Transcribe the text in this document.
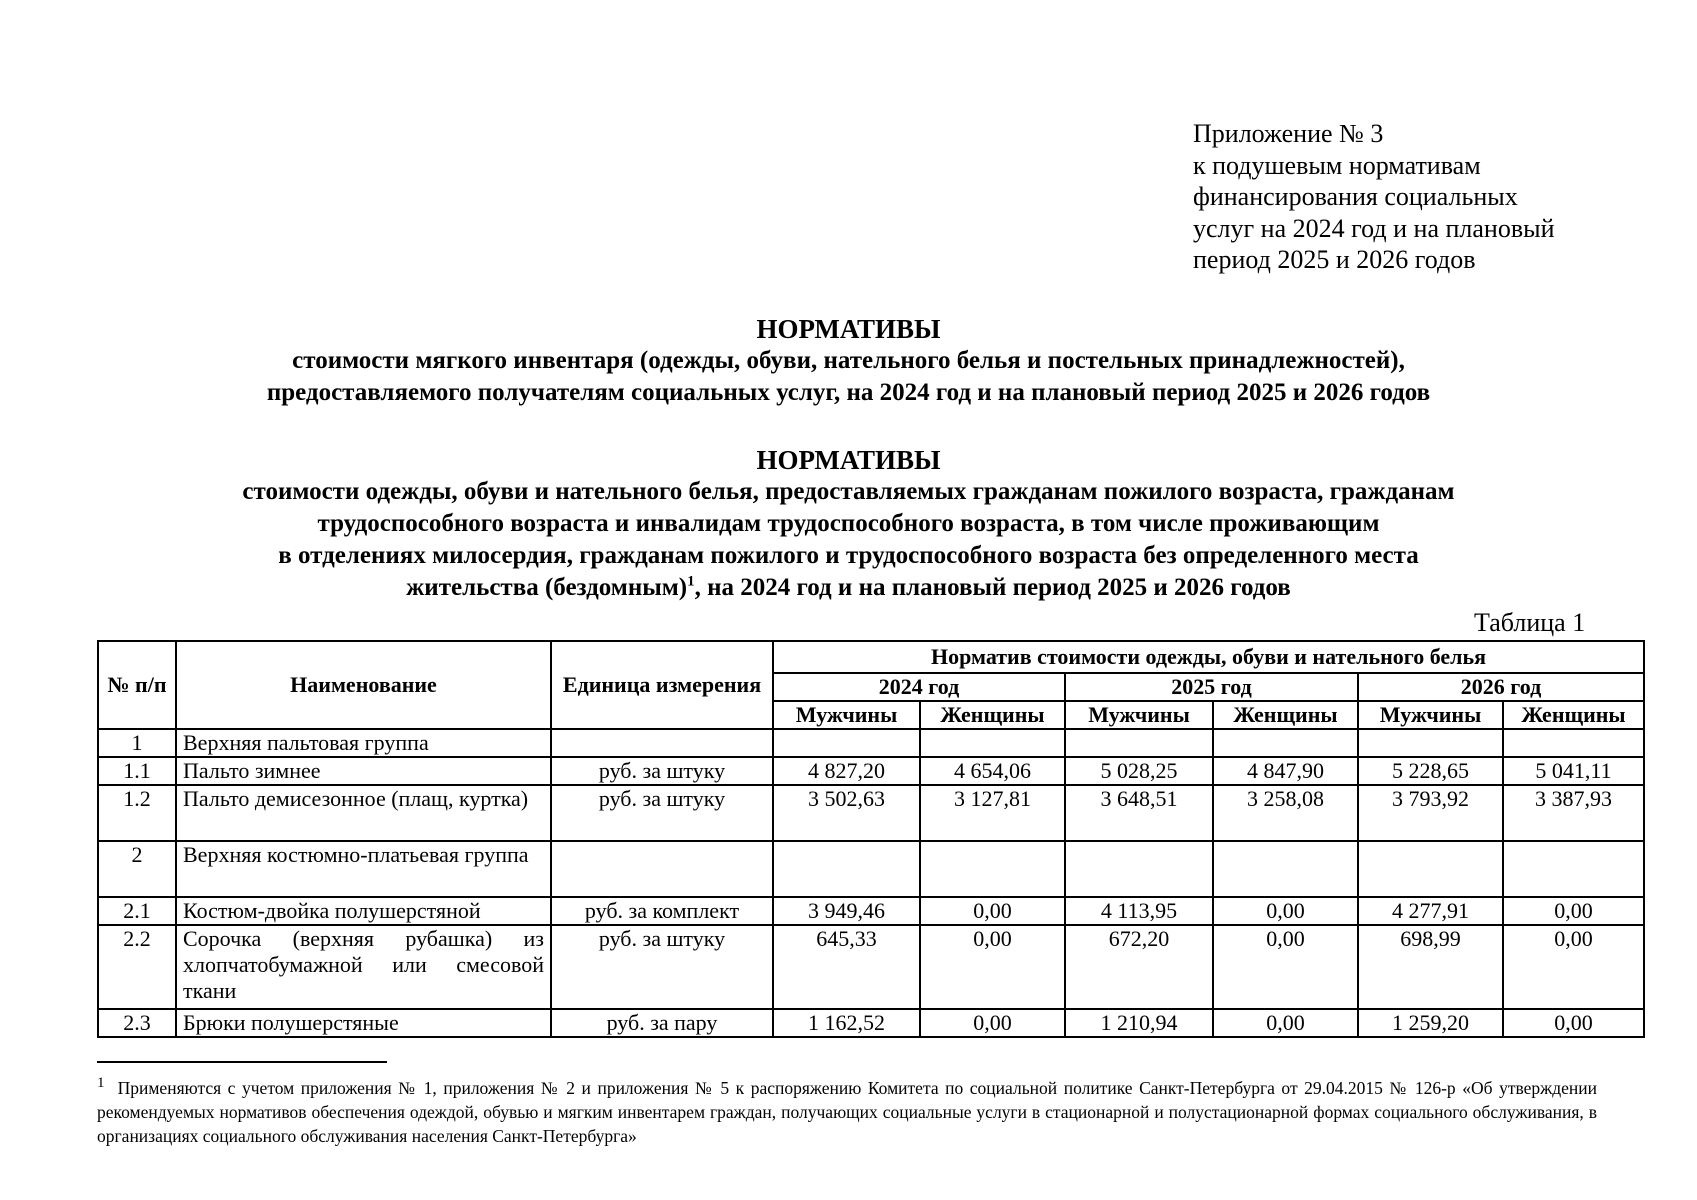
Приложение № 3
к подушевым нормативам
финансирования социальных
услуг на 2024 год и на плановый
период 2025 и 2026 годов
НОРМАТИВЫ
стоимости мягкого инвентаря (одежды, обуви, нательного белья и постельных принадлежностей),
предоставляемого получателям социальных услуг, на 2024 год и на плановый период 2025 и 2026 годов
НОРМАТИВЫ
стоимости одежды, обуви и нательного белья, предоставляемых гражданам пожилого возраста, гражданам
трудоспособного возраста и инвалидам трудоспособного возраста, в том числе проживающим
в отделениях милосердия, гражданам пожилого и трудоспособного возраста без определенного места
жительства (бездомным)$^1$, на 2024 год и на плановый период 2025 и 2026 годов
Таблица 1
№ п/п	Наименование	Единица измерения	Норматив стоимости одежды, обуви и нательного белья					
			2024 год		2025 год		2026 год	
			Мужчины	Женщины	Мужчины	Женщины	Мужчины	Женщины
1	Верхняя пальтовая группа							
1.1	Пальто зимнее	руб. за штуку	4 827,20	4 654,06	5 028,25	4 847,90	5 228,65	5 041,11
1.2	Пальто демисезонное (плащ, куртка)	руб. за штуку	3 502,63	3 127,81	3 648,51	3 258,08	3 793,92	3 387,93
2	Верхняя костюмно-платьевая группа							
2.1	Костюм-двойка полушерстяной	руб. за комплект	3 949,46	0,00	4 113,95	0,00	4 277,91	0,00
2.2	Сорочка (верхняя рубашка) из хлопчатобумажной или смесовой ткани	руб. за штуку	645,33	0,00	672,20	0,00	698,99	0,00
2.3	Брюки полушерстяные	руб. за пару	1 162,52	0,00	1 210,94	0,00	1 259,20	0,00
$^1$ Применяются с учетом приложения № 1, приложения № 2 и приложения № 5 к распоряжению Комитета по социальной политике Санкт-Петербурга от 29.04.2015 № 126-р «Об утверждении рекомендуемых нормативов обеспечения одеждой, обувью и мягким инвентарем граждан, получающих социальные услуги в стационарной и полустационарной формах социального обслуживания, в организациях социального обслуживания населения Санкт-Петербурга»
